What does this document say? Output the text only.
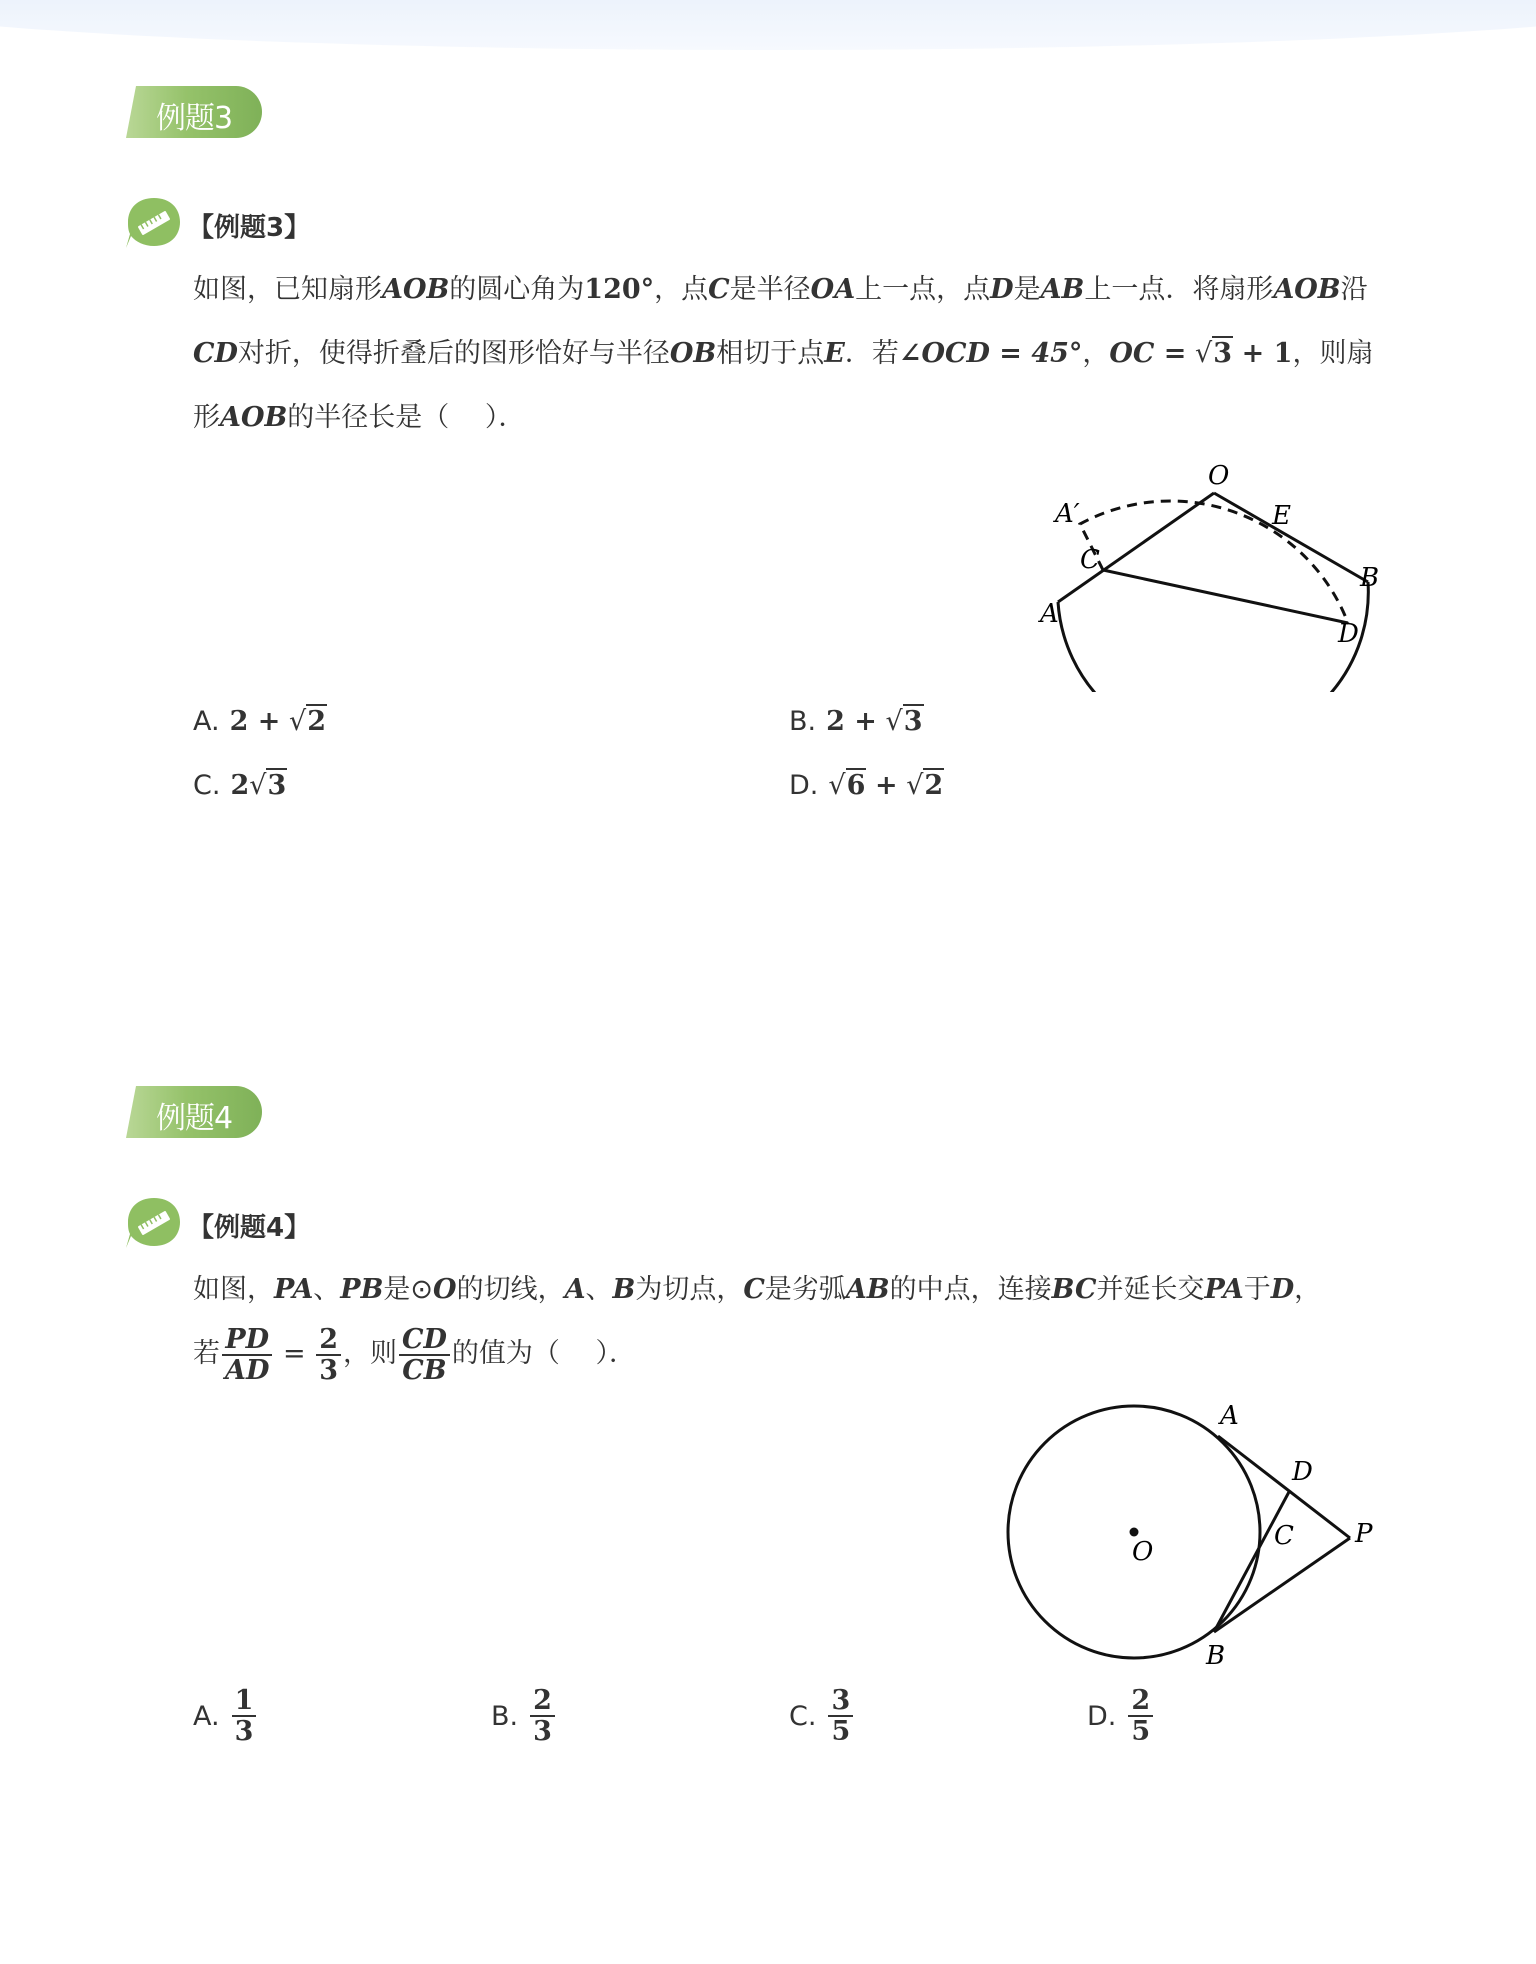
例题3
【例题3】
如图，已知扇形AOB的圆心角为120°，点C是半径OA上一点，点D是AB上一点．将扇形AOB沿
CD对折，使得折叠后的图形恰好与半径OB相切于点E．若∠OCD = 45°，OC = √3 + 1，则扇
形AOB的半径长是（　 ）．
O
A′	E
C
B
A
D
A. 2 + √2	B. 2 + √3
C. 2√3	D. √6 + √2
例题4
【例题4】
如图，PA、PB是⊙O的切线，A、B为切点，C是劣弧AB的中点，连接BC并延长交PA于D，
若 $\frac{PD}{AD} = \frac{2}{3}$ ，则 $\frac{CD}{CB}$ 的值为（　 ）．
A
D
O
C P
B
A. $\frac{1}{3}$	B. $\frac{2}{3}$	C. $\frac{3}{5}$	D. $\frac{2}{5}$
